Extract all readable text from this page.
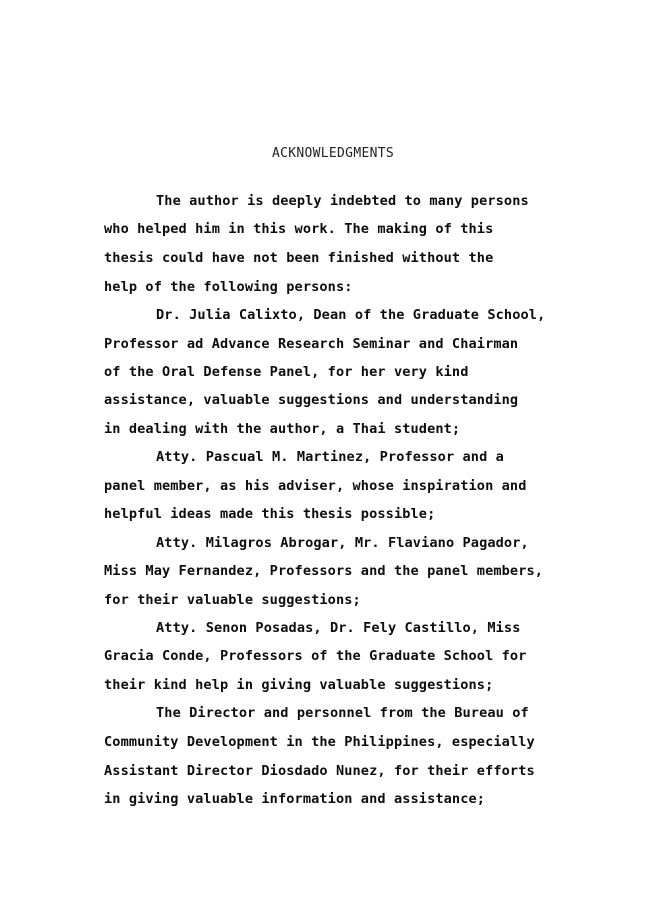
ACKNOWLEDGMENTS
The author is deeply indebted to many persons
who helped him in this work. The making of this
thesis could have not been finished without the
help of the following persons:
Dr. Julia Calixto, Dean of the Graduate School,
Professor ad Advance Research Seminar and Chairman
of the Oral Defense Panel, for her very kind
assistance, valuable suggestions and understanding
in dealing with the author, a Thai student;
Atty. Pascual M. Martinez, Professor and a
panel member, as his adviser, whose inspiration and
helpful ideas made this thesis possible;
Atty. Milagros Abrogar, Mr. Flaviano Pagador,
Miss May Fernandez, Professors and the panel members,
for their valuable suggestions;
Atty. Senon Posadas, Dr. Fely Castillo, Miss
Gracia Conde, Professors of the Graduate School for
their kind help in giving valuable suggestions;
The Director and personnel from the Bureau of
Community Development in the Philippines, especially
Assistant Director Diosdado Nunez, for their efforts
in giving valuable information and assistance;
